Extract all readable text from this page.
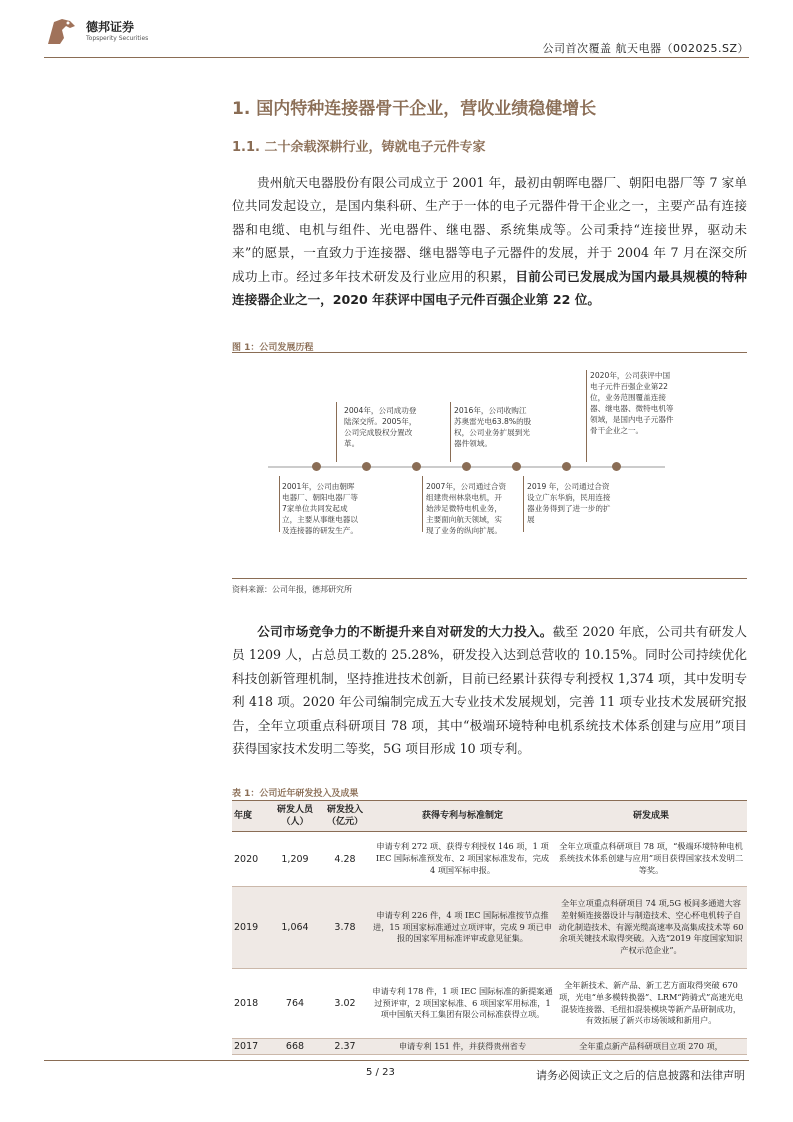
德邦证券
Topsperity Securities
公司首次覆盖 航天电器（002025.SZ）
1. 国内特种连接器骨干企业，营收业绩稳健增长
1.1. 二十余载深耕行业，铸就电子元件专家
贵州航天电器股份有限公司成立于 2001 年，最初由朝晖电器厂、朝阳电器厂等 7 家单位共同发起设立，是国内集科研、生产于一体的电子元器件骨干企业之一，主要产品有连接器和电缆、电机与组件、光电器件、继电器、系统集成等。公司秉持“连接世界，驱动未来”的愿景，一直致力于连接器、继电器等电子元器件的发展，并于 2004 年 7 月在深交所成功上市。经过多年技术研发及行业应用的积累，目前公司已发展成为国内最具规模的特种连接器企业之一，2020 年获评中国电子元件百强企业第 22 位。
图 1：公司发展历程
2001年，公司由朝晖电器厂、朝阳电器厂等7家单位共同发起成立，主要从事继电器以及连接器的研发生产。
2004年，公司成功登陆深交所。2005年，公司完成股权分置改革。
2007年，公司通过合资组建贵州林泉电机，开始涉足微特电机业务，主要面向航天领域，实现了业务的纵向扩展。
2016年，公司收购江苏奥雷光电63.8%的股权，公司业务扩展到光器件领域。
2019 年，公司通过合资设立广东华旃，民用连接器业务得到了进一步的扩展
2020年，公司获评中国电子元件百强企业第22位，业务范围覆盖连接器、继电器、微特电机等领域，是国内电子元器件骨干企业之一。
资料来源：公司年报，德邦研究所
公司市场竞争力的不断提升来自对研发的大力投入。截至 2020 年底，公司共有研发人员 1209 人，占总员工数的 25.28%，研发投入达到总营收的 10.15%。同时公司持续优化科技创新管理机制，坚持推进技术创新，目前已经累计获得专利授权 1,374 项，其中发明专利 418 项。2020 年公司编制完成五大专业技术发展规划，完善 11 项专业技术发展研究报告，全年立项重点科研项目 78 项，其中“极端环境特种电机系统技术体系创建与应用”项目获得国家技术发明二等奖，5G 项目形成 10 项专利。
表 1：公司近年研发投入及成果
年度	研发人员（人）	研发投入（亿元）	获得专利与标准制定	研发成果
2020	1,209	4.28	申请专利 272 项、获得专利授权 146 项，1 项 IEC 国际标准预发布、2 项国家标准发布，完成 4 项国军标申报。	全年立项重点科研项目 78 项，“极端环境特种电机系统技术体系创建与应用”项目获得国家技术发明二等奖。
2019	1,064	3.78	申请专利 226 件，4 项 IEC 国际标准按节点推进，15 项国家标准通过立项评审，完成 9 项已申报的国家军用标准评审或意见征集。	全年立项重点科研项目 74 项,5G 板间多通道大容差射频连接器设计与制造技术、空心杯电机转子自动化制造技术、有源光缆高速率及高集成技术等 60 余项关键技术取得突破。入选“2019 年度国家知识产权示范企业”。
2018	764	3.02	申请专利 178 件，1 项 IEC 国际标准的新提案通过预评审，2 项国家标准、6 项国家军用标准，1 项中国航天科工集团有限公司标准获得立项。	全年新技术、新产品、新工艺方面取得突破 670 项，光电“单多模转换器”、LRM“跨骑式”高速光电混装连接器、毛纽扣混装模块等新产品研制成功，有效拓展了新兴市场领域和新用户。
2017	668	2.37	申请专利 151 件，并获得贵州省专	全年重点新产品科研项目立项 270 项，
5 / 23	请务必阅读正文之后的信息披露和法律声明
